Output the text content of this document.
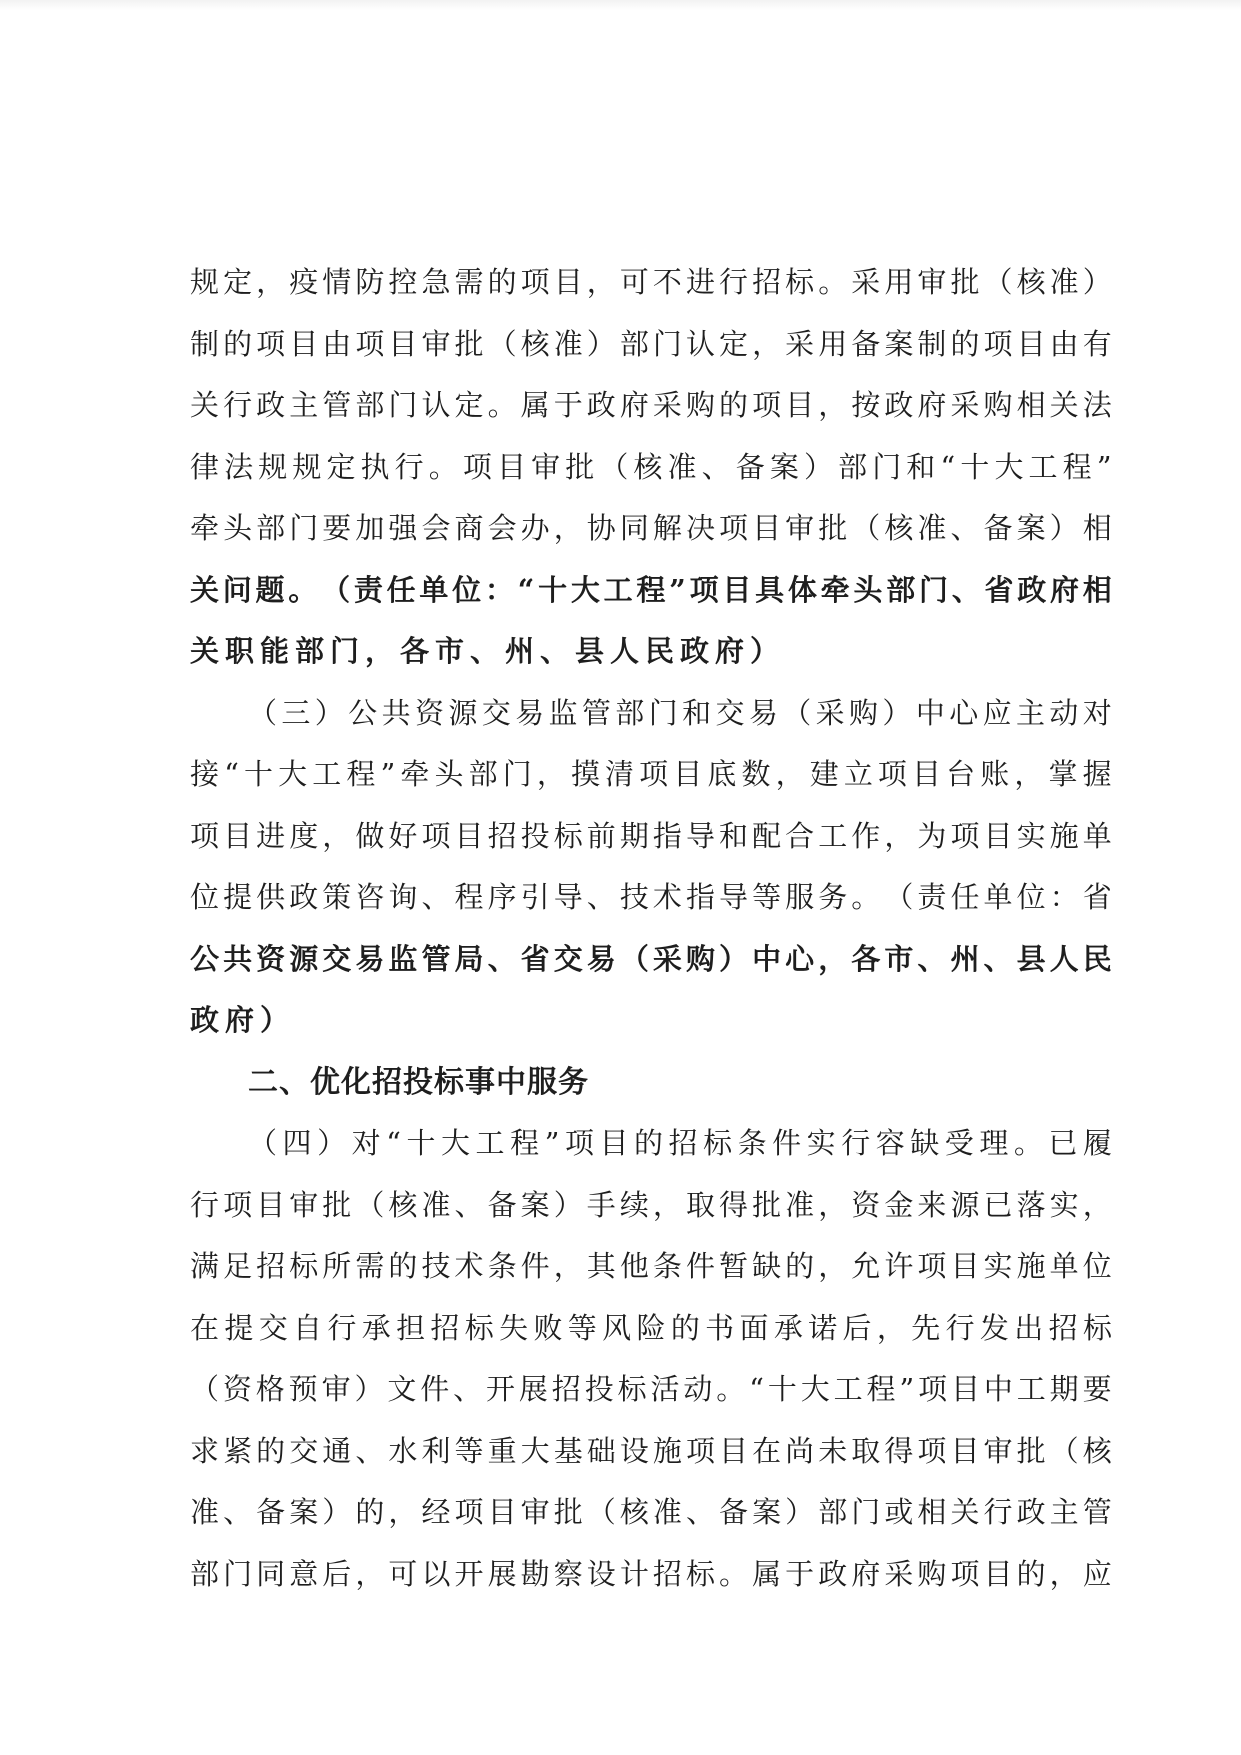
规 定 ， 疫 情 防 控 急 需 的 项 目 ， 可 不 进 行 招 标 。 采 用 审 批 （ 核 准 ）
制 的 项 目 由 项 目 审 批 （ 核 准 ） 部 门 认 定 ， 采 用 备 案 制 的 项 目 由 有
关 行 政 主 管 部 门 认 定 。 属 于 政 府 采 购 的 项 目 ， 按 政 府 采 购 相 关 法
律 法 规 规 定 执 行 。 项 目 审 批 （ 核 准 、 备 案 ） 部 门 和 “ 十 大 工 程 ”
牵 头 部 门 要 加 强 会 商 会 办 ， 协 同 解 决 项 目 审 批 （ 核 准 、 备 案 ） 相
关 问 题 。 （ 责 任 单 位 ： “ 十 大 工 程 ” 项 目 具 体 牵 头 部 门 、 省 政 府 相
关职能部门，各市、州、县人民政府）
（ 三 ） 公 共 资 源 交 易 监 管 部 门 和 交 易 （ 采 购 ） 中 心 应 主 动 对
接 “ 十 大 工 程 ” 牵 头 部 门 ， 摸 清 项 目 底 数 ， 建 立 项 目 台 账 ， 掌 握
项 目 进 度 ， 做 好 项 目 招 投 标 前 期 指 导 和 配 合 工 作 ， 为 项 目 实 施 单
位 提 供 政 策 咨 询 、 程 序 引 导 、 技 术 指 导 等 服 务 。 （ 责 任 单 位 ： 省
公 共 资 源 交 易 监 管 局 、 省 交 易 （ 采 购 ） 中 心 ， 各 市 、 州 、 县 人 民
政府）
二、优化招投标事中服务
（ 四 ） 对 “ 十 大 工 程 ” 项 目 的 招 标 条 件 实 行 容 缺 受 理 。 已 履
行 项 目 审 批 （ 核 准 、 备 案 ） 手 续 ， 取 得 批 准 ， 资 金 来 源 已 落 实 ，
满 足 招 标 所 需 的 技 术 条 件 ， 其 他 条 件 暂 缺 的 ， 允 许 项 目 实 施 单 位
在 提 交 自 行 承 担 招 标 失 败 等 风 险 的 书 面 承 诺 后 ， 先 行 发 出 招 标
（ 资 格 预 审 ） 文 件 、 开 展 招 投 标 活 动 。 “ 十 大 工 程 ” 项 目 中 工 期 要
求 紧 的 交 通 、 水 利 等 重 大 基 础 设 施 项 目 在 尚 未 取 得 项 目 审 批 （ 核
准 、 备 案 ） 的 ， 经 项 目 审 批 （ 核 准 、 备 案 ） 部 门 或 相 关 行 政 主 管
部 门 同 意 后 ， 可 以 开 展 勘 察 设 计 招 标 。 属 于 政 府 采 购 项 目 的 ， 应
